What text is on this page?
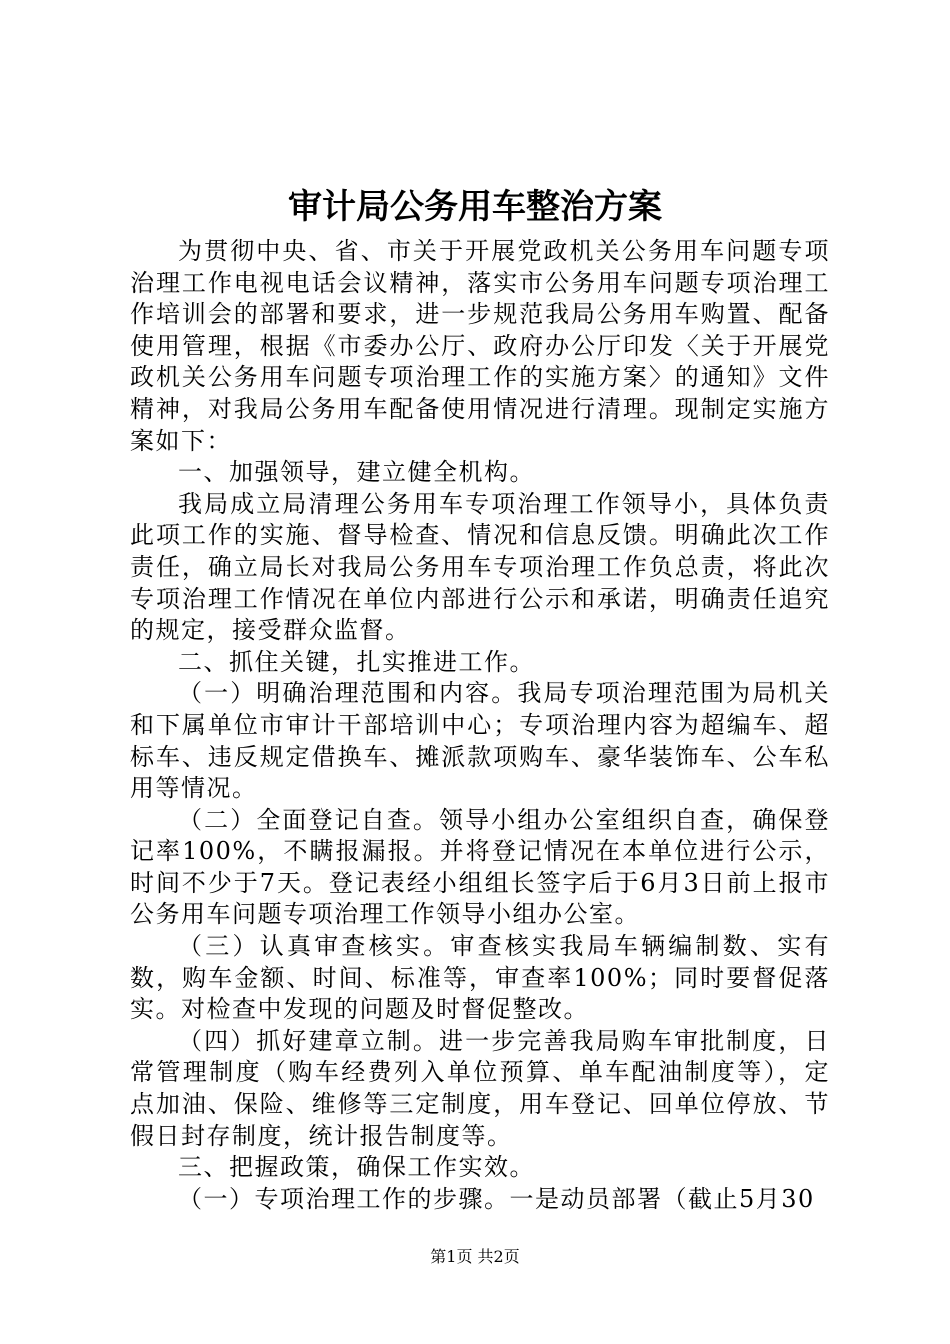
审计局公务用车整治方案

为贯彻中央、省、市关于开展党政机关公务用车问题专项治理工作电视电话会议精神，落实市公务用车问题专项治理工作培训会的部署和要求，进一步规范我局公务用车购置、配备使用管理，根据《市委办公厅、政府办公厅印发〈关于开展党政机关公务用车问题专项治理工作的实施方案〉的通知》文件精神，对我局公务用车配备使用情况进行清理。现制定实施方案如下：

一、加强领导，建立健全机构。

我局成立局清理公务用车专项治理工作领导小，具体负责此项工作的实施、督导检查、情况和信息反馈。明确此次工作责任，确立局长对我局公务用车专项治理工作负总责，将此次专项治理工作情况在单位内部进行公示和承诺，明确责任追究的规定，接受群众监督。

二、抓住关键，扎实推进工作。

（一）明确治理范围和内容。我局专项治理范围为局机关和下属单位市审计干部培训中心；专项治理内容为超编车、超标车、违反规定借换车、摊派款项购车、豪华装饰车、公车私用等情况。

（二）全面登记自查。领导小组办公室组织自查，确保登记率100%，不瞒报漏报。并将登记情况在本单位进行公示，时间不少于7天。登记表经小组组长签字后于6月3日前上报市公务用车问题专项治理工作领导小组办公室。

（三）认真审查核实。审查核实我局车辆编制数、实有数，购车金额、时间、标准等，审查率100%；同时要督促落实。对检查中发现的问题及时督促整改。

（四）抓好建章立制。进一步完善我局购车审批制度，日常管理制度（购车经费列入单位预算、单车配油制度等），定点加油、保险、维修等三定制度，用车登记、回单位停放、节假日封存制度，统计报告制度等。

三、把握政策，确保工作实效。

（一）专项治理工作的步骤。一是动员部署（截止5月30

第1页 共2页
